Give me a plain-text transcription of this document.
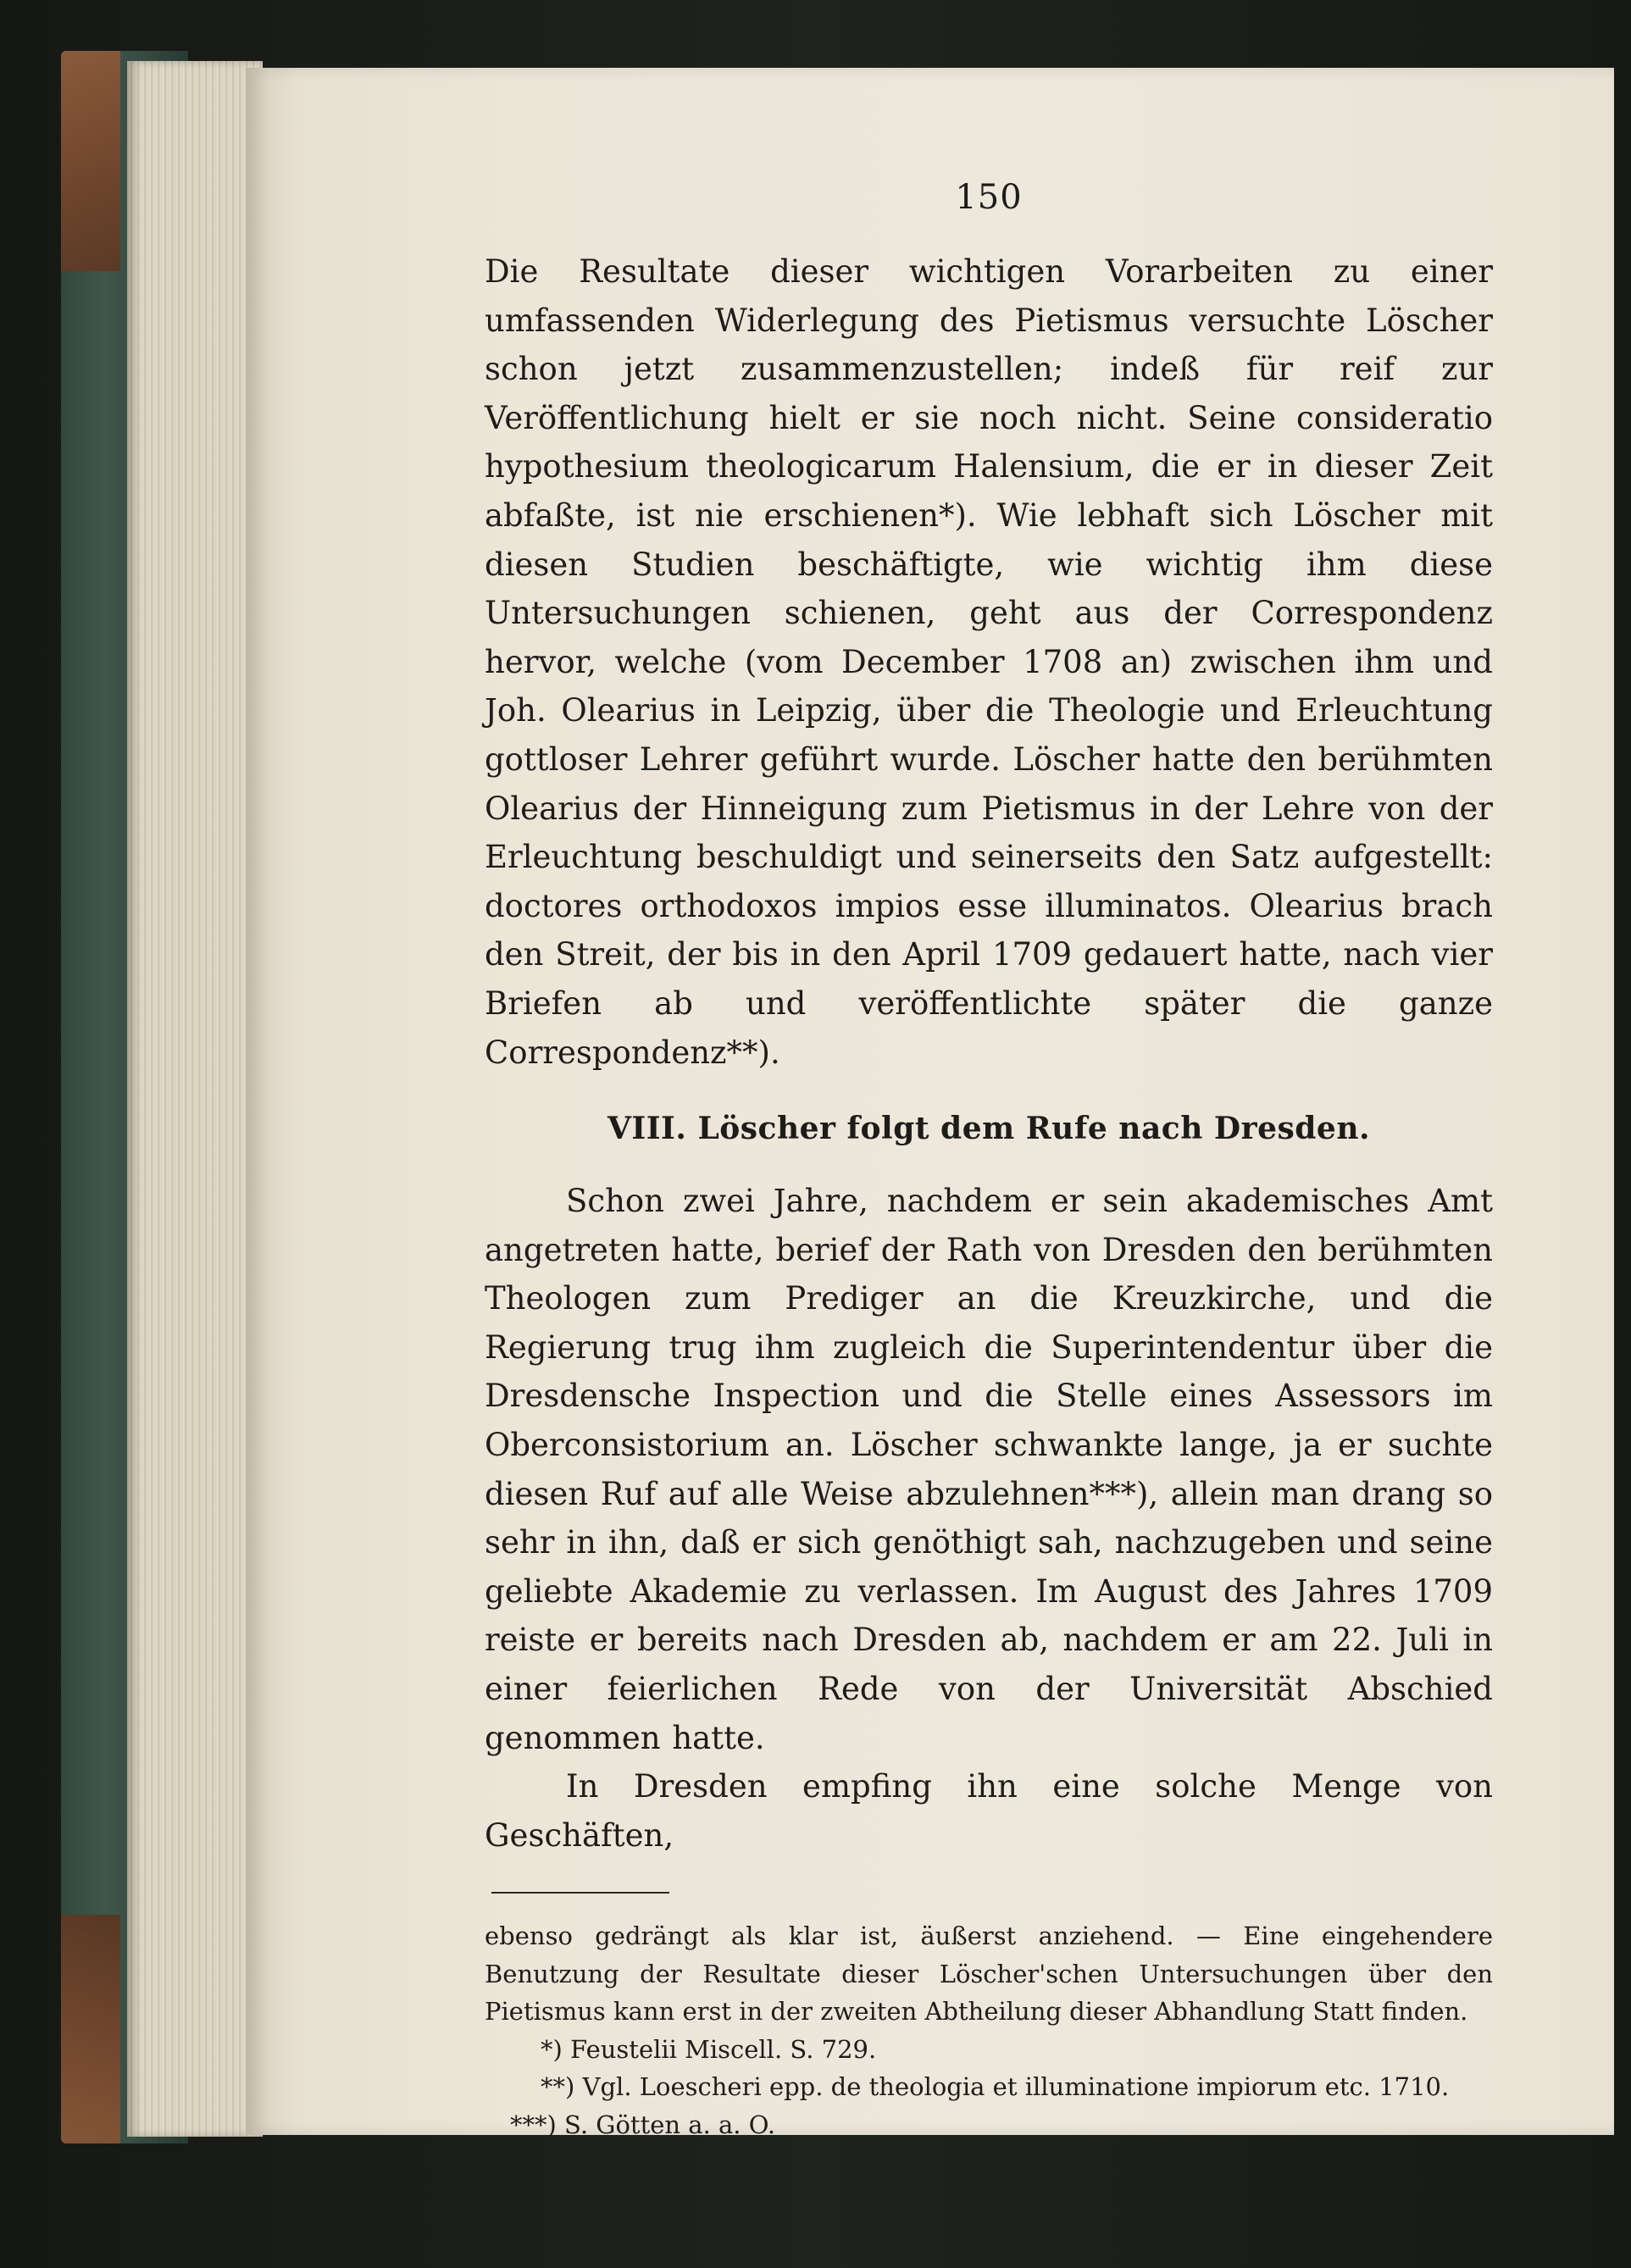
150

Die Resultate dieser wichtigen Vorarbeiten zu einer umfassenden Widerlegung des Pietismus versuchte Löscher schon jetzt zusammenzustellen; indeß für reif zur Veröffentlichung hielt er sie noch nicht. Seine consideratio hypothesium theologicarum Halensium, die er in dieser Zeit abfaßte, ist nie erschienen*). Wie lebhaft sich Löscher mit diesen Studien beschäftigte, wie wichtig ihm diese Untersuchungen schienen, geht aus der Correspondenz hervor, welche (vom December 1708 an) zwischen ihm und Joh. Olearius in Leipzig, über die Theologie und Erleuchtung gottloser Lehrer geführt wurde. Löscher hatte den berühmten Olearius der Hinneigung zum Pietismus in der Lehre von der Erleuchtung beschuldigt und seinerseits den Satz aufgestellt: doctores orthodoxos impios esse illuminatos. Olearius brach den Streit, der bis in den April 1709 gedauert hatte, nach vier Briefen ab und veröffentlichte später die ganze Correspondenz**).

VIII. Löscher folgt dem Rufe nach Dresden.

Schon zwei Jahre, nachdem er sein akademisches Amt angetreten hatte, berief der Rath von Dresden den berühmten Theologen zum Prediger an die Kreuzkirche, und die Regierung trug ihm zugleich die Superintendentur über die Dresdensche Inspection und die Stelle eines Assessors im Oberconsistorium an. Löscher schwankte lange, ja er suchte diesen Ruf auf alle Weise abzulehnen***), allein man drang so sehr in ihn, daß er sich genöthigt sah, nachzugeben und seine geliebte Akademie zu verlassen. Im August des Jahres 1709 reiste er bereits nach Dresden ab, nachdem er am 22. Juli in einer feierlichen Rede von der Universität Abschied genommen hatte.

In Dresden empfing ihn eine solche Menge von Geschäften,

ebenso gedrängt als klar ist, äußerst anziehend. — Eine eingehendere Benutzung der Resultate dieser Löscher'schen Untersuchungen über den Pietismus kann erst in der zweiten Abtheilung dieser Abhandlung Statt finden.

*) Feustelii Miscell. S. 729.

**) Vgl. Loescheri epp. de theologia et illuminatione impiorum etc. 1710.

***) S. Götten a. a. O.
